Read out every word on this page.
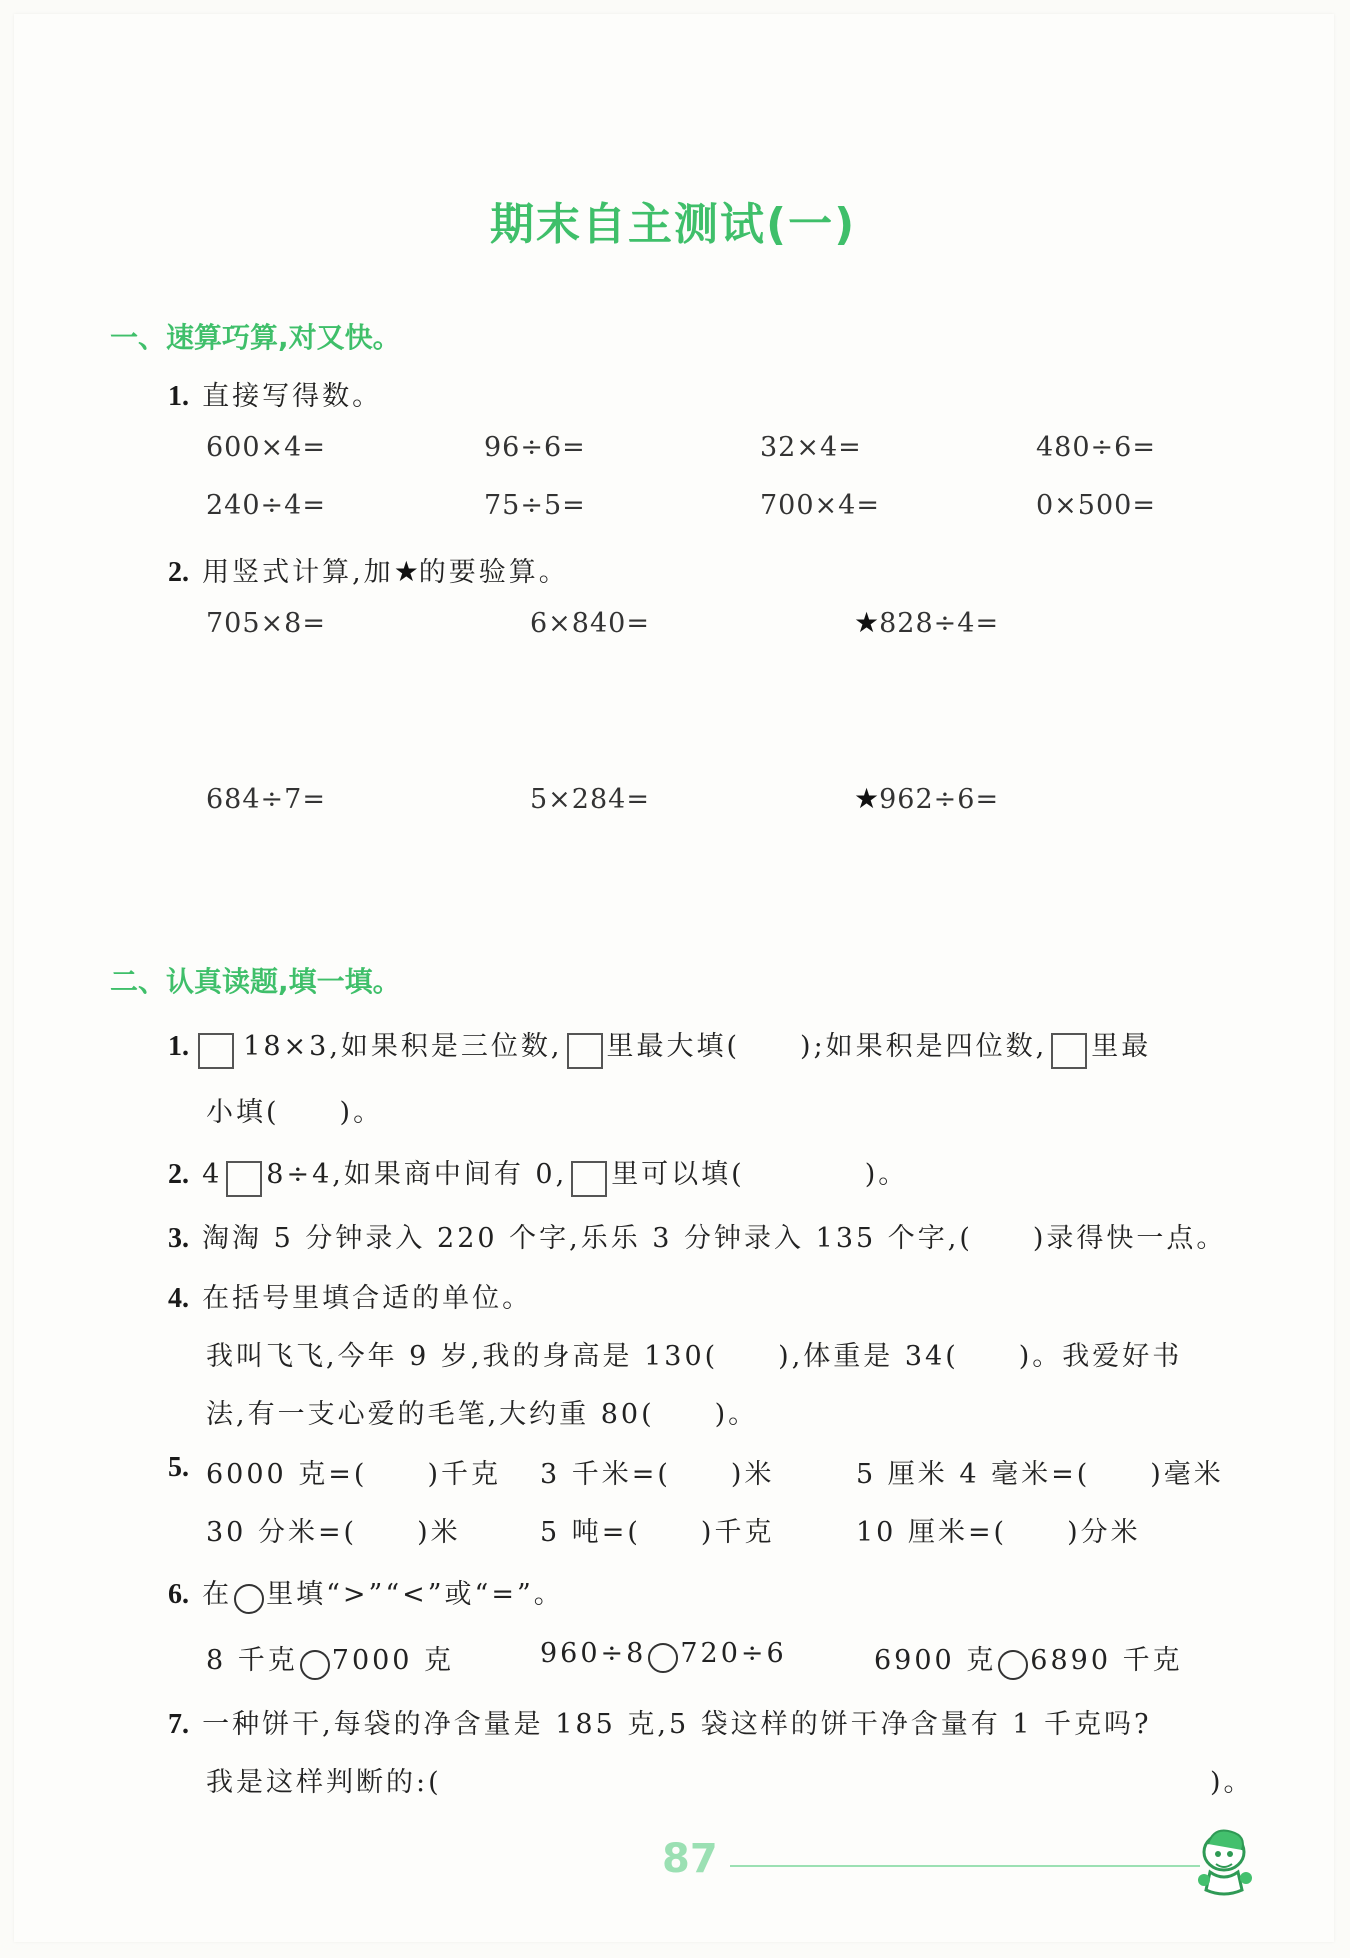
期末自主测试(一)
一、速算巧算,对又快。
1. 直接写得数。
600×4=	96÷6=	32×4=	480÷6=
240÷4=	75÷5=	700×4=	0×500=
2. 用竖式计算,加★的要验算。
705×8=	6×840=	★828÷4=
684÷7=	5×284=	★962÷6=
二、认真读题,填一填。
1. 18×3,如果积是三位数, 里最大填(　　);如果积是四位数, 里最
小填(　　)。
2. 4 8÷4,如果商中间有 0, 里可以填(　　　　)。
3. 淘淘 5 分钟录入 220 个字,乐乐 3 分钟录入 135 个字,(　　)录得快一点。
4. 在括号里填合适的单位。
我叫飞飞,今年 9 岁,我的身高是 130(　　),体重是 34(　　)。我爱好书
法,有一支心爱的毛笔,大约重 80(　　)。
5. 6000 克=(　　)千克 3 千米=(　　)米	5 厘米 4 毫米=(　　)毫米
30 分米=(　　)米	5 吨=(　　)千克	10 厘米=(　　)分米
6. 在 里填“>”“<”或“=”。
8 千克 7000 克	960÷8 720÷6	6900 克 6890 千克
7. 一种饼干,每袋的净含量是 185 克,5 袋这样的饼干净含量有 1 千克吗?
我是这样判断的:(	)。
87
